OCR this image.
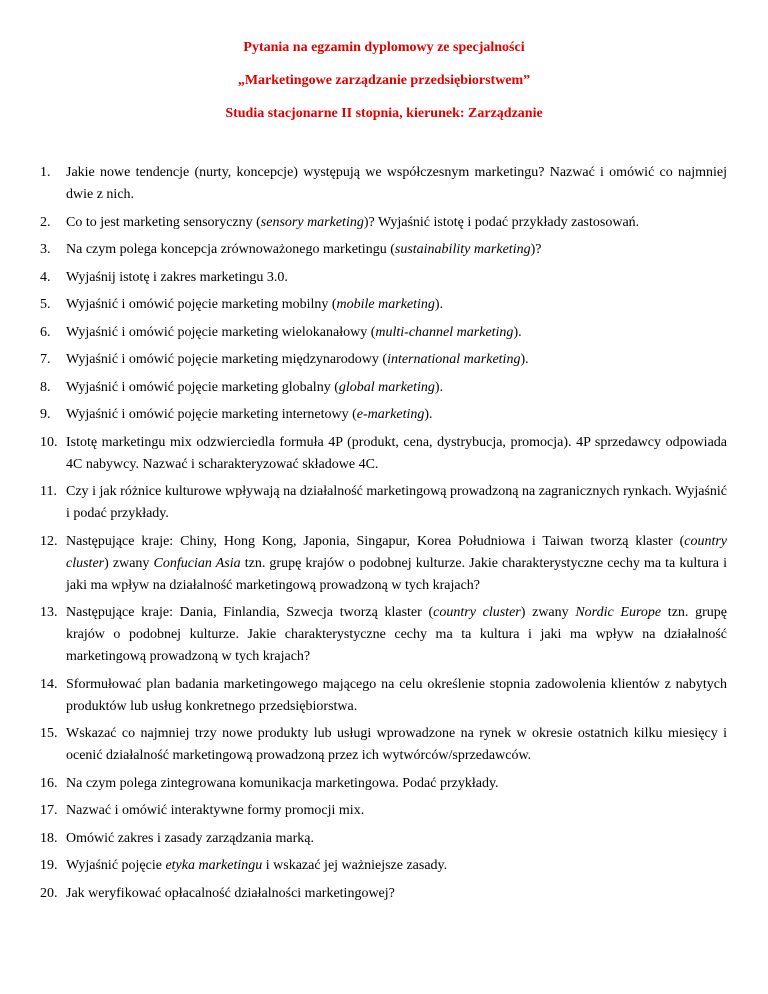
Pytania na egzamin dyplomowy ze specjalności
„Marketingowe zarządzanie przedsiębiorstwem”
Studia stacjonarne II stopnia, kierunek: Zarządzanie
1. Jakie nowe tendencje (nurty, koncepcje) występują we współczesnym marketingu? Nazwać i omówić co najmniej dwie z nich.
2. Co to jest marketing sensoryczny (sensory marketing)? Wyjaśnić istotę i podać przykłady zastosowań.
3. Na czym polega koncepcja zrównoważonego marketingu (sustainability marketing)?
4. Wyjaśnij istotę i zakres marketingu 3.0.
5. Wyjaśnić i omówić pojęcie marketing mobilny (mobile marketing).
6. Wyjaśnić i omówić pojęcie marketing wielokanałowy (multi-channel marketing).
7. Wyjaśnić i omówić pojęcie marketing międzynarodowy (international marketing).
8. Wyjaśnić i omówić pojęcie marketing globalny (global marketing).
9. Wyjaśnić i omówić pojęcie marketing internetowy (e-marketing).
10. Istotę marketingu mix odzwierciedla formuła 4P (produkt, cena, dystrybucja, promocja). 4P sprzedawcy odpowiada 4C nabywcy. Nazwać i scharakteryzować składowe 4C.
11. Czy i jak różnice kulturowe wpływają na działalność marketingową prowadzoną na zagranicznych rynkach. Wyjaśnić i podać przykłady.
12. Następujące kraje: Chiny, Hong Kong, Japonia, Singapur, Korea Południowa i Taiwan tworzą klaster (country cluster) zwany Confucian Asia tzn. grupę krajów o podobnej kulturze. Jakie charakterystyczne cechy ma ta kultura i jaki ma wpływ na działalność marketingową prowadzoną w tych krajach?
13. Następujące kraje: Dania, Finlandia, Szwecja tworzą klaster (country cluster) zwany Nordic Europe tzn. grupę krajów o podobnej kulturze. Jakie charakterystyczne cechy ma ta kultura i jaki ma wpływ na działalność marketingową prowadzoną w tych krajach?
14. Sformułować plan badania marketingowego mającego na celu określenie stopnia zadowolenia klientów z nabytych produktów lub usług konkretnego przedsiębiorstwa.
15. Wskazać co najmniej trzy nowe produkty lub usługi wprowadzone na rynek w okresie ostatnich kilku miesięcy i ocenić działalność marketingową prowadzoną przez ich wytwórców/sprzedawców.
16. Na czym polega zintegrowana komunikacja marketingowa. Podać przykłady.
17. Nazwać i omówić interaktywne formy promocji mix.
18. Omówić zakres i zasady zarządzania marką.
19. Wyjaśnić pojęcie etyka marketingu i wskazać jej ważniejsze zasady.
20. Jak weryfikować opłacalność działalności marketingowej?
